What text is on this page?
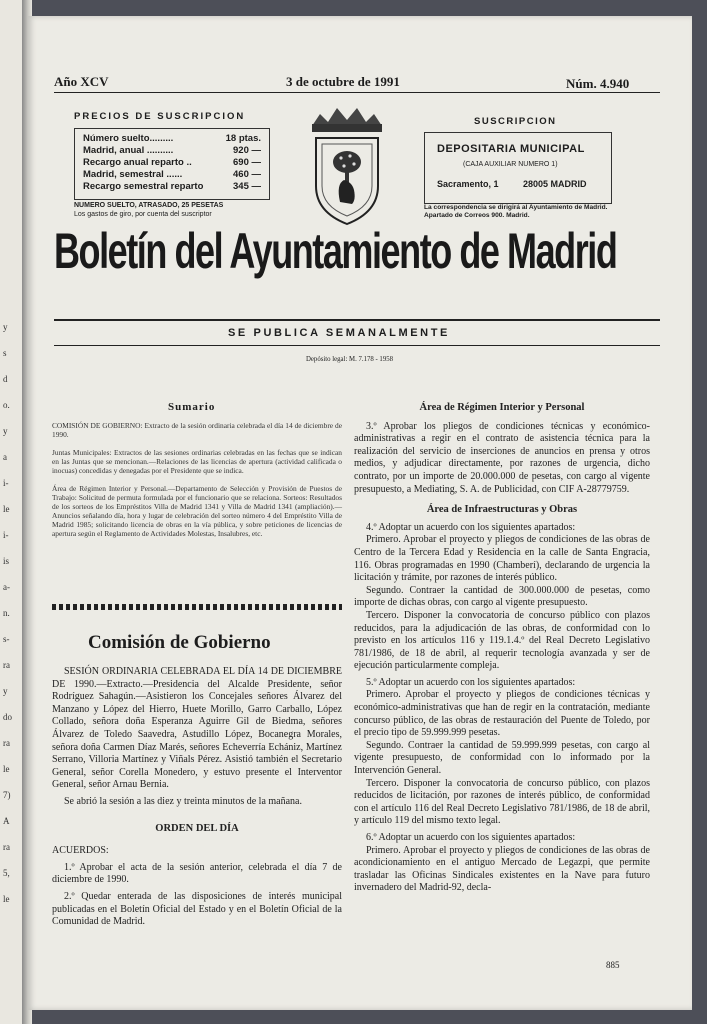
y
s
d
o.
y
a
i-
le
i-
is
a-
n.
s-
ra
y
do
ra
le
7)
A
ra
5,
le
Año XCV	3 de octubre de 1991	Núm. 4.940
PRECIOS DE SUSCRIPCION
Número suelto.........	18 ptas.
Madrid, anual ..........	920 —
Recargo anual reparto ..	690 —
Madrid, semestral ......	460 —
Recargo semestral reparto	345 —
NUMERO SUELTO, ATRASADO, 25 PESETAS
Los gastos de giro, por cuenta del suscriptor
SUSCRIPCION
DEPOSITARIA MUNICIPAL
(CAJA AUXILIAR NUMERO 1)
Sacramento, 1	28005 MADRID
La correspondencia se dirigirá al Ayuntamiento de Madrid. Apartado de Correos 900. Madrid.
Boletín del Ayuntamiento de Madrid
SE PUBLICA SEMANALMENTE
Depósito legal: M. 7.178 - 1958
Sumario

COMISIÓN DE GOBIERNO: Extracto de la sesión ordinaria celebrada el día 14 de diciembre de 1990.

Juntas Municipales: Extractos de las sesiones ordinarias celebradas en las fechas que se indican en las Juntas que se mencionan.—Relaciones de las licencias de apertura (actividad calificada o inocuas) concedidas y denegadas por el Presidente que se indica.

Área de Régimen Interior y Personal.—Departamento de Selección y Provisión de Puestos de Trabajo: Solicitud de permuta formulada por el funcionario que se relaciona. Sorteos: Resultados de los sorteos de los Empréstitos Villa de Madrid 1341 y Villa de Madrid 1341 (ampliación).—Anuncios señalando día, hora y lugar de celebración del sorteo número 4 del Empréstito Villa de Madrid 1985; solicitando licencia de obras en la vía pública, y sobre peticiones de licencias de apertura según el Reglamento de Actividades Molestas, Insalubres, etc.

Comisión de Gobierno

SESIÓN ORDINARIA CELEBRADA EL DÍA 14 DE DICIEMBRE DE 1990.—Extracto.—Presidencia del Alcalde Presidente, señor Rodríguez Sahagún.—Asistieron los Concejales señores Álvarez del Manzano y López del Hierro, Huete Morillo, Garro Carballo, López Collado, señora doña Esperanza Aguirre Gil de Biedma, señores Álvarez de Toledo Saavedra, Astudillo López, Bocanegra Morales, señora doña Carmen Díaz Marés, señores Echeverría Echániz, Martínez Serrano, Villoria Martínez y Viñals Pérez. Asistió también el Secretario General, señor Corella Monedero, y estuvo presente el Interventor General, señor Arnau Bernia.

Se abrió la sesión a las diez y treinta minutos de la mañana.

ORDEN DEL DÍA

ACUERDOS:

1.º Aprobar el acta de la sesión anterior, celebrada el día 7 de diciembre de 1990.

2.º Quedar enterada de las disposiciones de interés municipal publicadas en el Boletín Oficial del Estado y en el Boletín Oficial de la Comunidad de Madrid.

Área de Régimen Interior y Personal

3.º Aprobar los pliegos de condiciones técnicas y económico-administrativas a regir en el contrato de asistencia técnica para la realización del servicio de inserciones de anuncios en prensa y otros medios, y adjudicar directamente, por razones de urgencia, dicho contrato, por un importe de 20.000.000 de pesetas, con cargo al vigente presupuesto, a Mediating, S. A. de Publicidad, con CIF A-28779759.

Área de Infraestructuras y Obras

4.º Adoptar un acuerdo con los siguientes apartados:

Primero. Aprobar el proyecto y pliegos de condiciones de las obras de Centro de la Tercera Edad y Residencia en la calle de Santa Engracia, 116. Obras programadas en 1990 (Chamberí), declarando de urgencia la licitación y trámite, por razones de interés público.

Segundo. Contraer la cantidad de 300.000.000 de pesetas, como importe de dichas obras, con cargo al vigente presupuesto.

Tercero. Disponer la convocatoria de concurso público con plazos reducidos, para la adjudicación de las obras, de conformidad con lo previsto en los artículos 116 y 119.1.4.º del Real Decreto Legislativo 781/1986, de 18 de abril, al requerir tecnología avanzada y ser de ejecución particularmente compleja.

5.º Adoptar un acuerdo con los siguientes apartados:

Primero. Aprobar el proyecto y pliegos de condiciones técnicas y económico-administrativas que han de regir en la contratación, mediante concurso público, de las obras de restauración del Puente de Toledo, por el precio tipo de 59.999.999 pesetas.

Segundo. Contraer la cantidad de 59.999.999 pesetas, con cargo al vigente presupuesto, de conformidad con lo informado por la Intervención General.

Tercero. Disponer la convocatoria de concurso público, con plazos reducidos de licitación, por razones de interés público, de conformidad con el artículo 116 del Real Decreto Legislativo 781/1986, de 18 de abril, y artículo 119 del mismo texto legal.

6.º Adoptar un acuerdo con los siguientes apartados:

Primero. Aprobar el proyecto y pliegos de condiciones de las obras de acondicionamiento en el antiguo Mercado de Legazpi, que permite trasladar las Oficinas Sindicales existentes en la Nave para futuro invernadero del Madrid-92, decla-

885
